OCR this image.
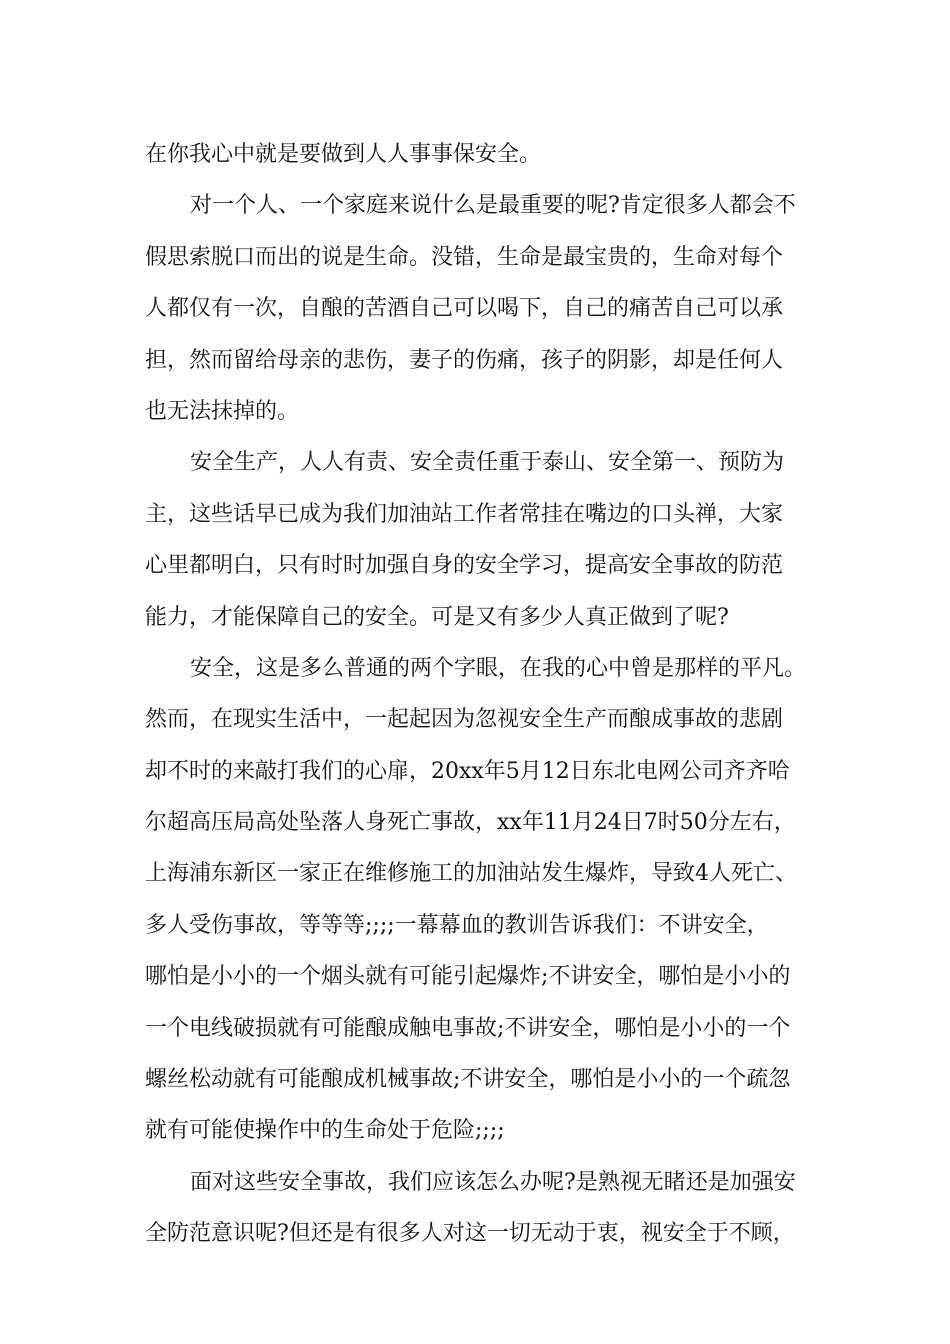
在你我心中就是要做到人人事事保安全。
对一个人、一个家庭来说什么是最重要的呢?肯定很多人都会不
假思索脱口而出的说是生命。没错，生命是最宝贵的，生命对每个
人都仅有一次，自酿的苦酒自己可以喝下，自己的痛苦自己可以承
担，然而留给母亲的悲伤，妻子的伤痛，孩子的阴影，却是任何人
也无法抹掉的。
安全生产，人人有责、安全责任重于泰山、安全第一、预防为
主，这些话早已成为我们加油站工作者常挂在嘴边的口头禅，大家
心里都明白，只有时时加强自身的安全学习，提高安全事故的防范
能力，才能保障自己的安全。可是又有多少人真正做到了呢?
安全，这是多么普通的两个字眼，在我的心中曾是那样的平凡。
然而，在现实生活中，一起起因为忽视安全生产而酿成事故的悲剧
却不时的来敲打我们的心扉，20xx年5月12日东北电网公司齐齐哈
尔超高压局高处坠落人身死亡事故，xx年11月24日7时50分左右，
上海浦东新区一家正在维修施工的加油站发生爆炸，导致4人死亡、
多人受伤事故，等等等;;;;一幕幕血的教训告诉我们：不讲安全，
哪怕是小小的一个烟头就有可能引起爆炸;不讲安全，哪怕是小小的
一个电线破损就有可能酿成触电事故;不讲安全，哪怕是小小的一个
螺丝松动就有可能酿成机械事故;不讲安全，哪怕是小小的一个疏忽
就有可能使操作中的生命处于危险;;;;
面对这些安全事故，我们应该怎么办呢?是熟视无睹还是加强安
全防范意识呢?但还是有很多人对这一切无动于衷，视安全于不顾，
